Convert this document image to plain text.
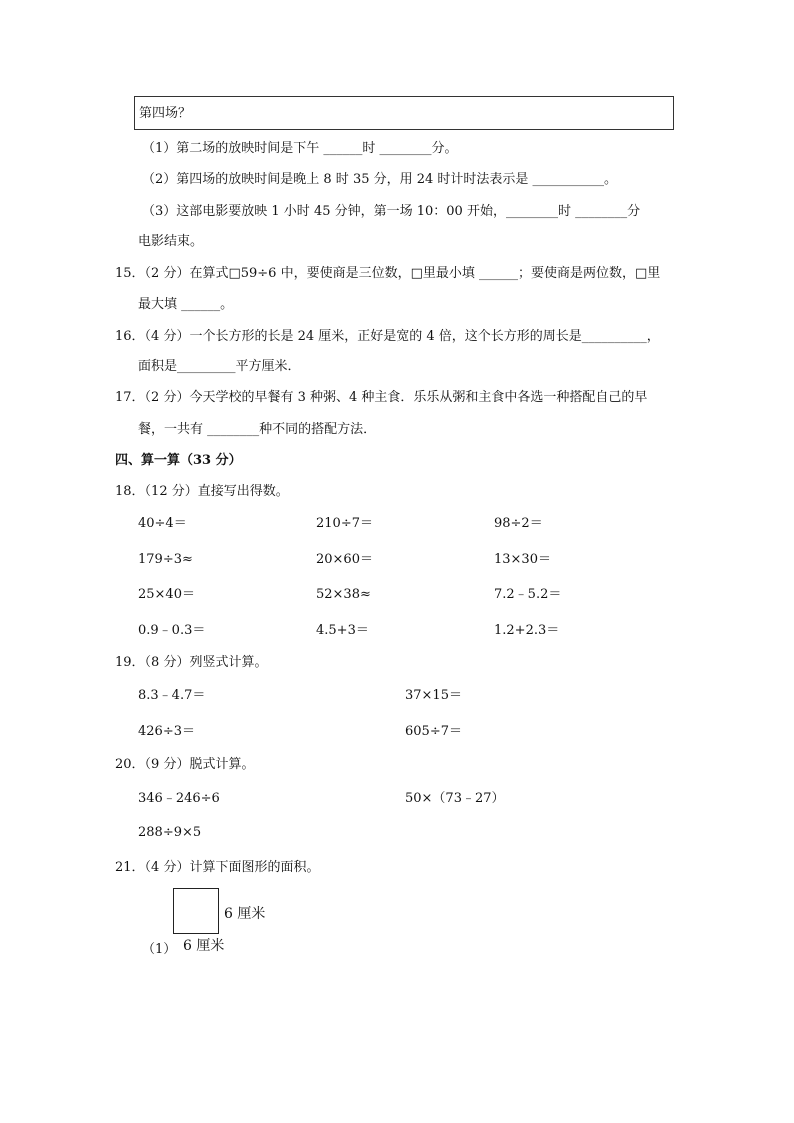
第四场？
（1）第二场的放映时间是下午 ______时 ________分。
（2）第四场的放映时间是晚上 8 时 35 分，用 24 时计时法表示是 ___________。
（3）这部电影要放映 1 小时 45 分钟，第一场 10：00 开始，________时 ________分
电影结束。
15．（2 分）在算式□59÷6 中，要使商是三位数，□里最小填 ______；要使商是两位数，□里
最大填 ______。
16．（4 分）一个长方形的长是 24 厘米，正好是宽的 4 倍，这个长方形的周长是__________，
面积是_________平方厘米．
17．（2 分）今天学校的早餐有 3 种粥、4 种主食．乐乐从粥和主食中各选一种搭配自己的早
餐，一共有 ________种不同的搭配方法．
四、算一算（33 分）
18．（12 分）直接写出得数。
40÷4＝	210÷7＝	98÷2＝
179÷3≈	20×60＝	13×30＝
25×40＝	52×38≈	7.2﹣5.2＝
0.9﹣0.3＝	4.5+3＝	1.2+2.3＝
19．（8 分）列竖式计算。
8.3﹣4.7＝	37×15＝
426÷3＝	605÷7＝
20．（9 分）脱式计算。
346﹣246÷6	50×（73﹣27）
288÷9×5
21．（4 分）计算下面图形的面积。
6 厘米
6 厘米
（1）
